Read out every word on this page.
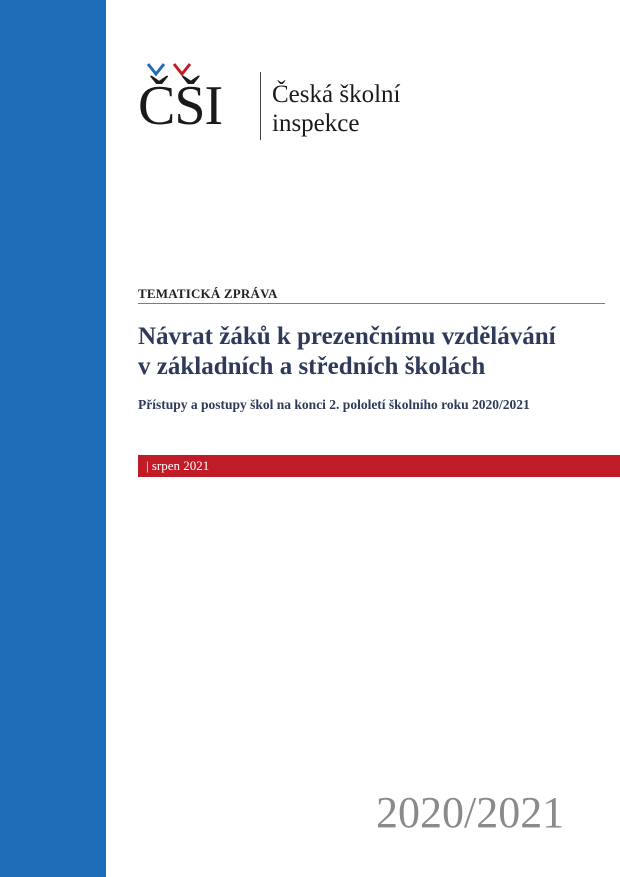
ČŠI Česká školní
inspekce
TEMATICKÁ ZPRÁVA
Návrat žáků k prezenčnímu vzdělávání
v základních a středních školách
Přístupy a postupy škol na konci 2. pololetí školního roku 2020/2021
| srpen 2021
2020/2021
